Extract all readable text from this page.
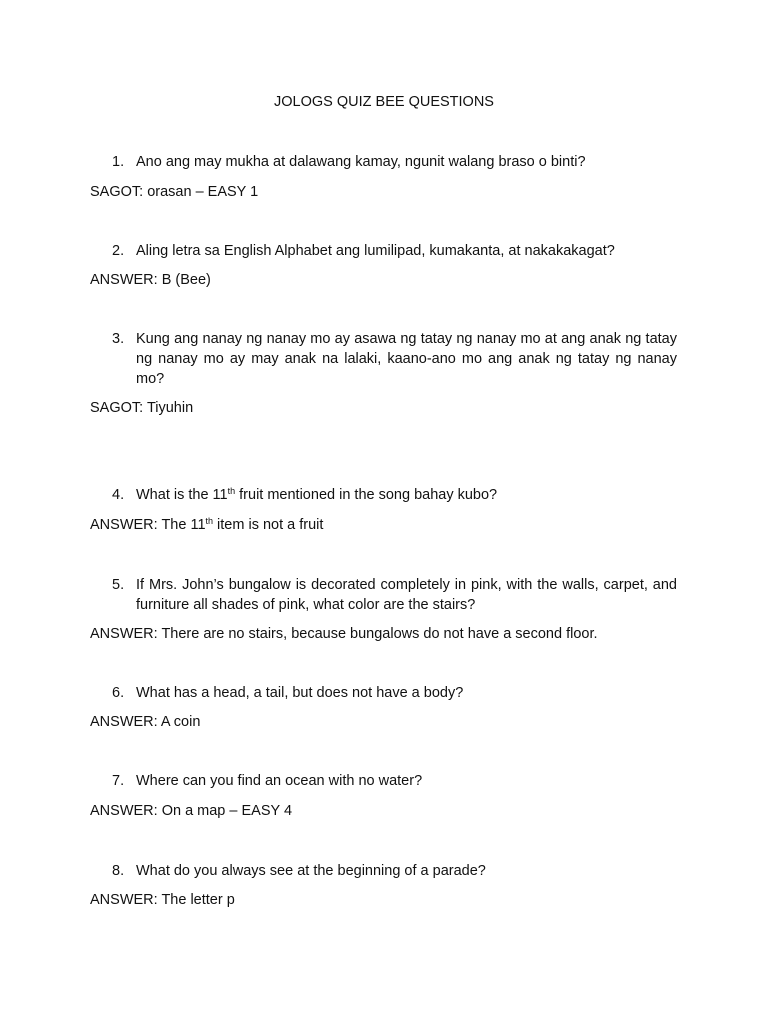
JOLOGS QUIZ BEE QUESTIONS
1. Ano ang may mukha at dalawang kamay, ngunit walang braso o binti?
SAGOT: orasan – EASY 1
2. Aling letra sa English Alphabet ang lumilipad, kumakanta, at nakakakagat?
ANSWER: B (Bee)
3. Kung ang nanay ng nanay mo ay asawa ng tatay ng nanay mo at ang anak ng tatay ng nanay mo ay may anak na lalaki, kaano-ano mo ang anak ng tatay ng nanay mo?
SAGOT: Tiyuhin
4. What is the 11th fruit mentioned in the song bahay kubo?
ANSWER: The 11th item is not a fruit
5. If Mrs. John’s bungalow is decorated completely in pink, with the walls, carpet, and furniture all shades of pink, what color are the stairs?
ANSWER: There are no stairs, because bungalows do not have a second floor.
6. What has a head, a tail, but does not have a body?
ANSWER: A coin
7. Where can you find an ocean with no water?
ANSWER: On a map – EASY 4
8. What do you always see at the beginning of a parade?
ANSWER: The letter p
